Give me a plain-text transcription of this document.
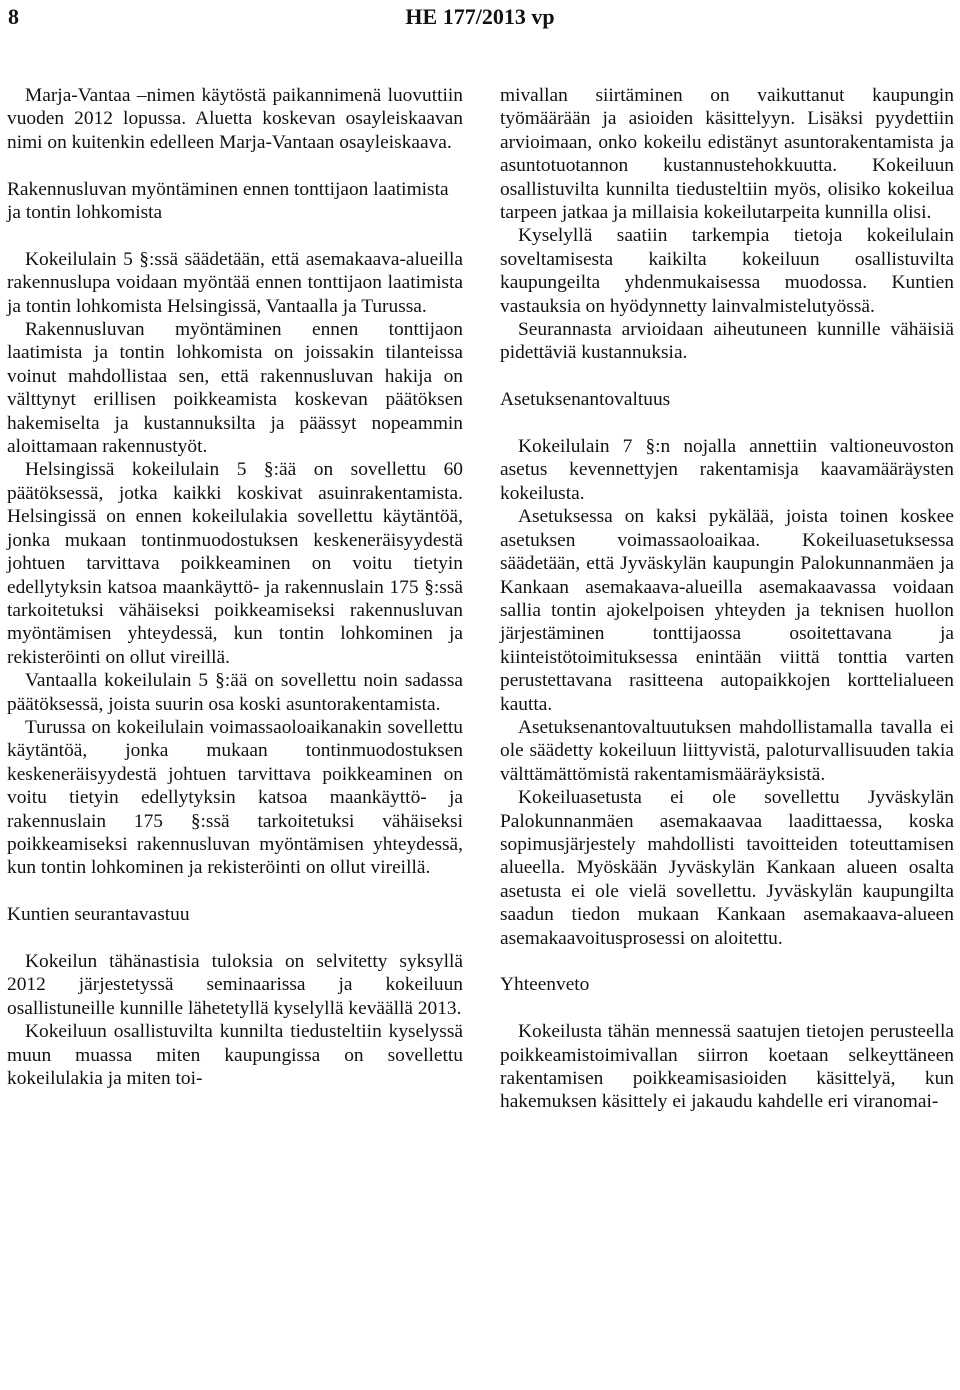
8	HE 177/2013 vp

Marja-Vantaa –nimen käytöstä paikannimenä luovuttiin vuoden 2012 lopussa. Aluetta koskevan osayleiskaavan nimi on kuitenkin edelleen Marja-Vantaan osayleiskaava.

Rakennusluvan myöntäminen ennen tonttijaon laatimista ja tontin lohkomista

Kokeilulain 5 §:ssä säädetään, että asemakaava-alueilla rakennuslupa voidaan myöntää ennen tonttijaon laatimista ja tontin lohkomista Helsingissä, Vantaalla ja Turussa.

Rakennusluvan myöntäminen ennen tonttijaon laatimista ja tontin lohkomista on joissakin tilanteissa voinut mahdollistaa sen, että rakennusluvan hakija on välttynyt erillisen poikkeamista koskevan päätöksen hakemiselta ja kustannuksilta ja päässyt nopeammin aloittamaan rakennustyöt.

Helsingissä kokeilulain 5 §:ää on sovellettu 60 päätöksessä, jotka kaikki koskivat asuinrakentamista. Helsingissä on ennen kokeilulakia sovellettu käytäntöä, jonka mukaan tontinmuodostuksen keskeneräisyydestä johtuen tarvittava poikkeaminen on voitu tietyin edellytyksin katsoa maankäyttö- ja rakennuslain 175 §:ssä tarkoitetuksi vähäiseksi poikkeamiseksi rakennusluvan myöntämisen yhteydessä, kun tontin lohkominen ja rekisteröinti on ollut vireillä.

Vantaalla kokeilulain 5 §:ää on sovellettu noin sadassa päätöksessä, joista suurin osa koski asuntorakentamista.

Turussa on kokeilulain voimassaoloaikanakin sovellettu käytäntöä, jonka mukaan tontinmuodostuksen keskeneräisyydestä johtuen tarvittava poikkeaminen on voitu tietyin edellytyksin katsoa maankäyttö- ja rakennuslain 175 §:ssä tarkoitetuksi vähäiseksi poikkeamiseksi rakennusluvan myöntämisen yhteydessä, kun tontin lohkominen ja rekisteröinti on ollut vireillä.

Kuntien seurantavastuu

Kokeilun tähänastisia tuloksia on selvitetty syksyllä 2012 järjestetyssä seminaarissa ja kokeiluun osallistuneille kunnille lähetetyllä kyselyllä keväällä 2013.

Kokeiluun osallistuvilta kunnilta tiedusteltiin kyselyssä muun muassa miten kaupungissa on sovellettu kokeilulakia ja miten toi-

mivallan siirtäminen on vaikuttanut kaupungin työmäärään ja asioiden käsittelyyn. Lisäksi pyydettiin arvioimaan, onko kokeilu edistänyt asuntorakentamista ja asuntotuotannon kustannustehokkuutta. Kokeiluun osallistuvilta kunnilta tiedusteltiin myös, olisiko kokeilua tarpeen jatkaa ja millaisia kokeilutarpeita kunnilla olisi.

Kyselyllä saatiin tarkempia tietoja kokeilulain soveltamisesta kaikilta kokeiluun osallistuvilta kaupungeilta yhdenmukaisessa muodossa. Kuntien vastauksia on hyödynnetty lainvalmistelutyössä.

Seurannasta arvioidaan aiheutuneen kunnille vähäisiä pidettäviä kustannuksia.

Asetuksenantovaltuus

Kokeilulain 7 §:n nojalla annettiin valtioneuvoston asetus kevennettyjen rakentamisja kaavamääräysten kokeilusta.

Asetuksessa on kaksi pykälää, joista toinen koskee asetuksen voimassaoloaikaa. Kokeiluasetuksessa säädetään, että Jyväskylän kaupungin Palokunnanmäen ja Kankaan asemakaava-alueilla asemakaavassa voidaan sallia tontin ajokelpoisen yhteyden ja teknisen huollon järjestäminen tonttijaossa osoitettavana ja kiinteistötoimituksessa enintään viittä tonttia varten perustettavana rasitteena autopaikkojen korttelialueen kautta.

Asetuksenantovaltuutuksen mahdollistamalla tavalla ei ole säädetty kokeiluun liittyvistä, paloturvallisuuden takia välttämättömistä rakentamismääräyksistä.

Kokeiluasetusta ei ole sovellettu Jyväskylän Palokunnanmäen asemakaavaa laadittaessa, koska sopimusjärjestely mahdollisti tavoitteiden toteuttamisen alueella. Myöskään Jyväskylän Kankaan alueen osalta asetusta ei ole vielä sovellettu. Jyväskylän kaupungilta saadun tiedon mukaan Kankaan asemakaava-alueen asemakaavoitusprosessi on aloitettu.

Yhteenveto

Kokeilusta tähän mennessä saatujen tietojen perusteella poikkeamistoimivallan siirron koetaan selkeyttäneen rakentamisen poikkeamisasioiden käsittelyä, kun hakemuksen käsittely ei jakaudu kahdelle eri viranomai-
